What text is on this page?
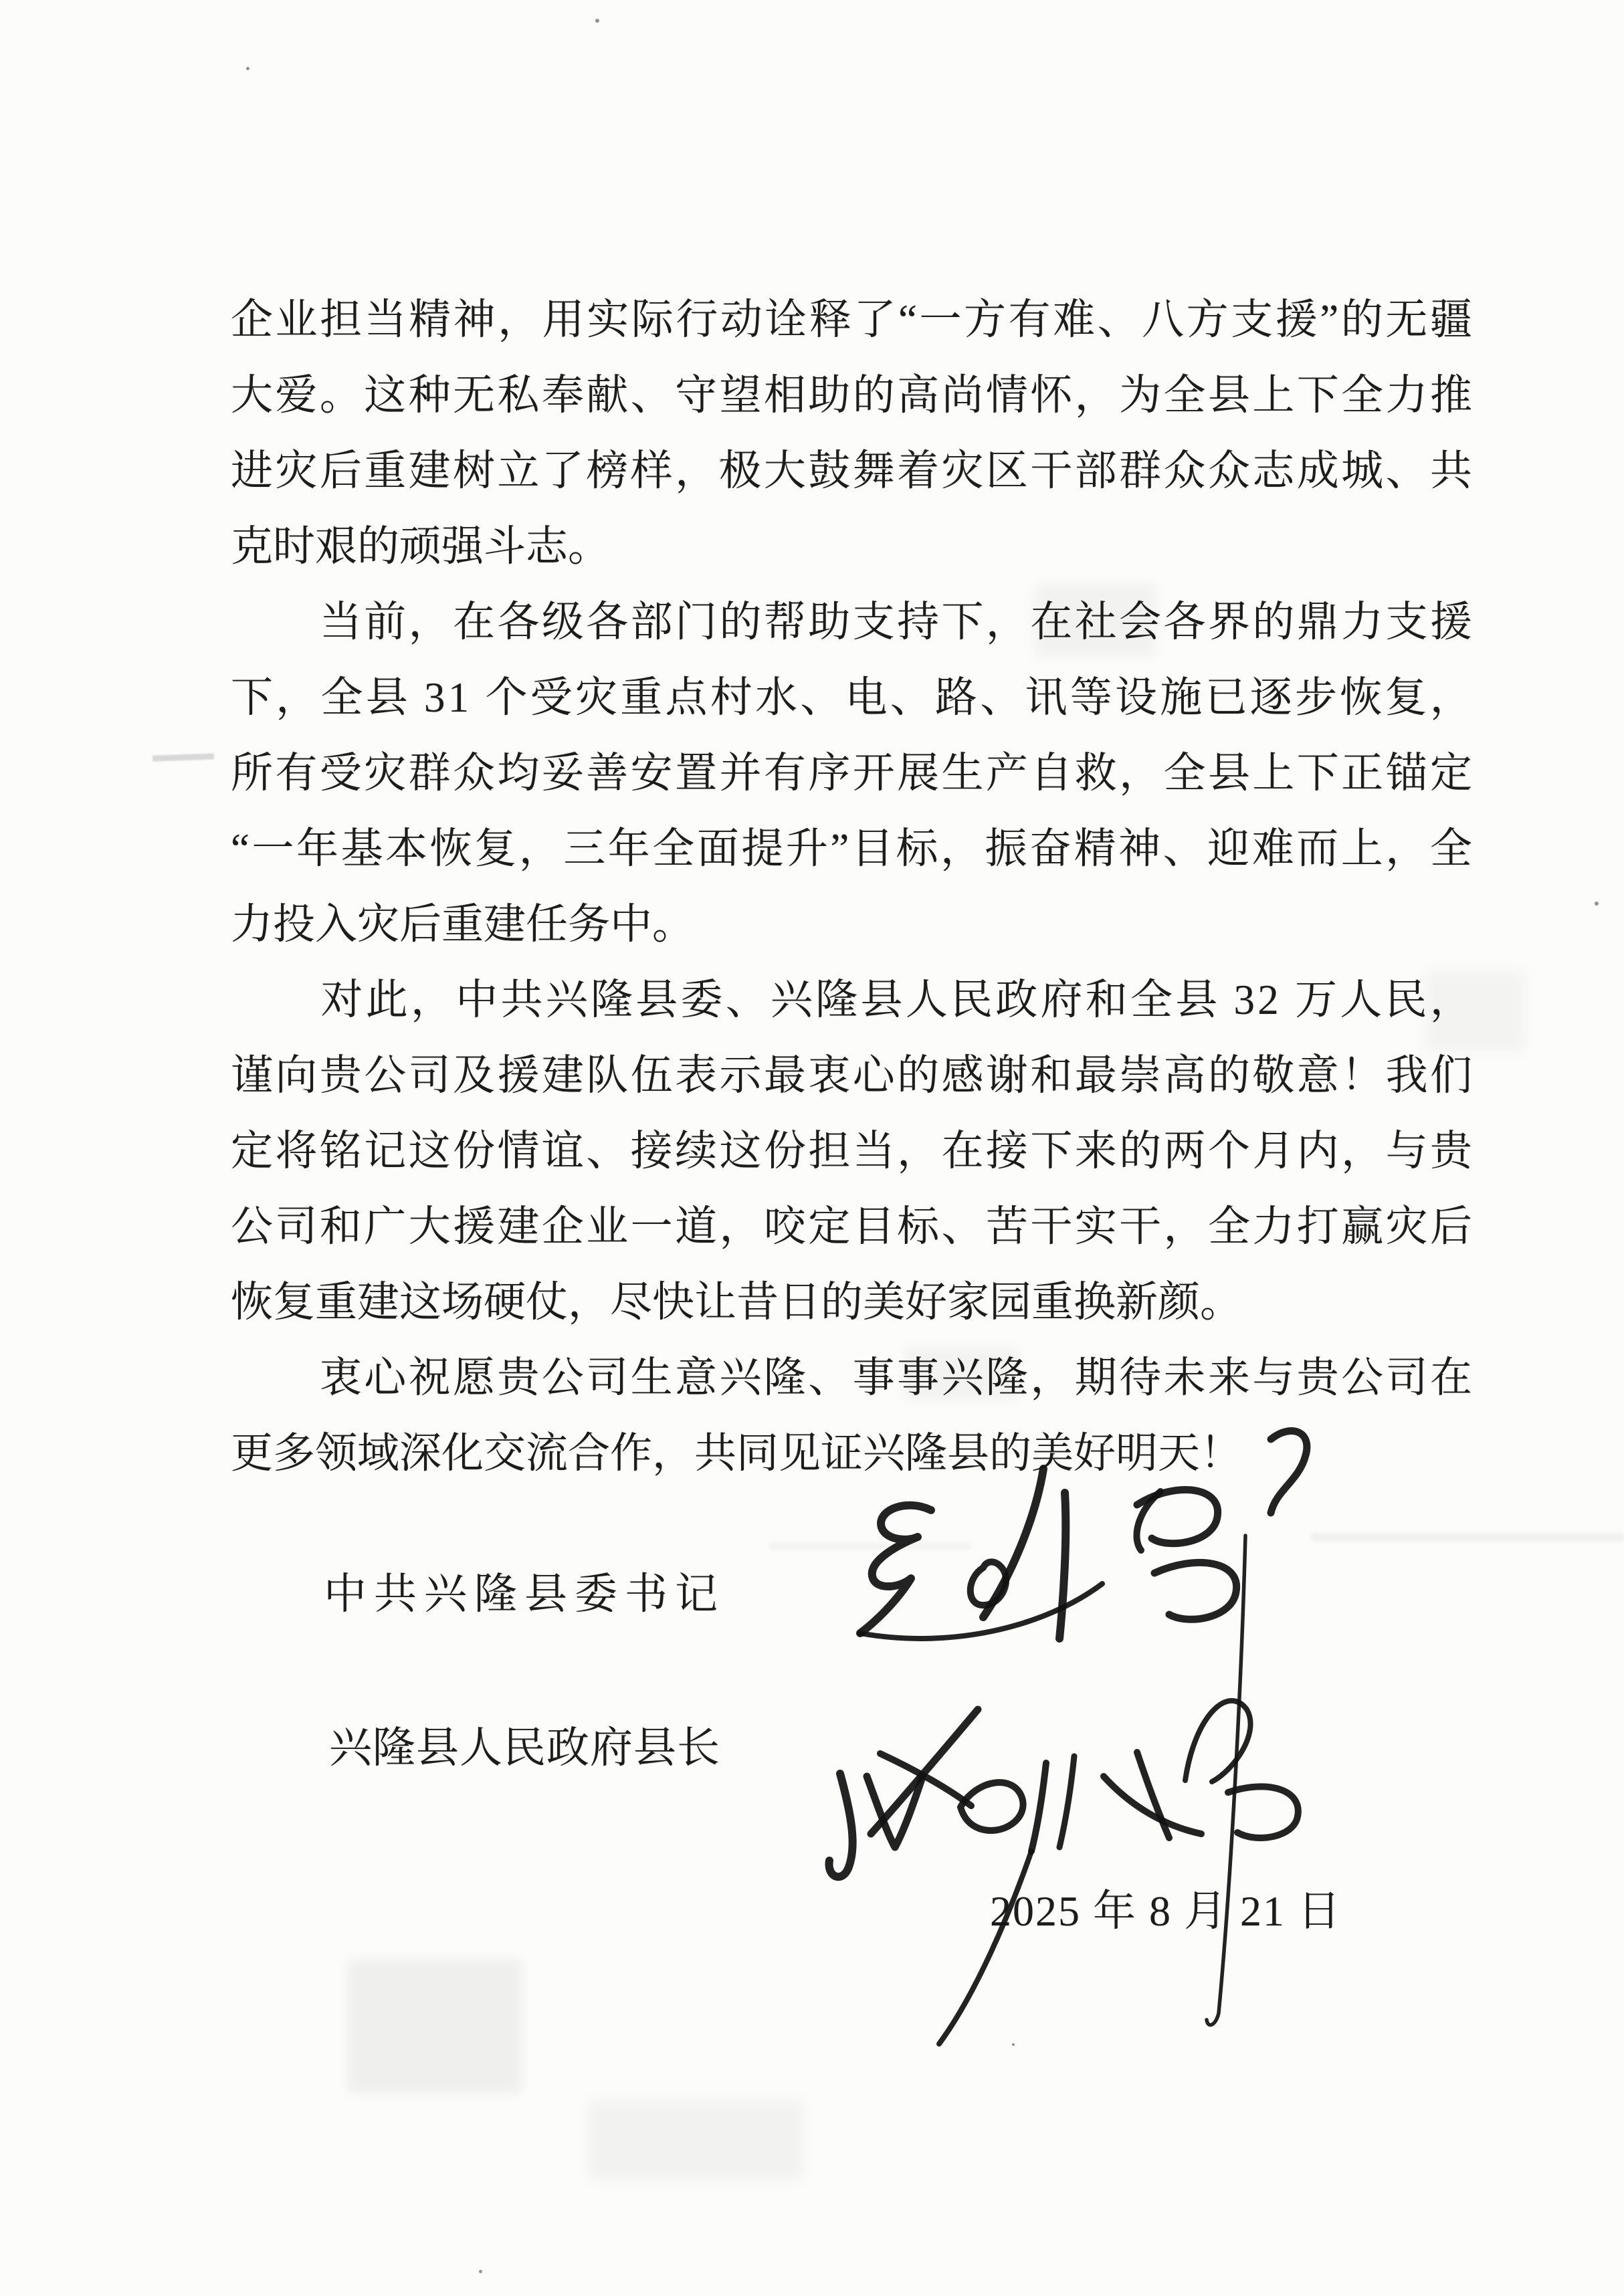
企 业 担 当 精 神 ， 用 实 际 行 动 诠 释 了 “ 一 方 有 难 、 八 方 支 援 ” 的 无 疆
大 爱 。 这 种 无 私 奉 献 、 守 望 相 助 的 高 尚 情 怀 ， 为 全 县 上 下 全 力 推
进 灾 后 重 建 树 立 了 榜 样 ， 极 大 鼓 舞 着 灾 区 干 部 群 众 众 志 成 城 、 共
克时艰的顽强斗志。

当 前 ， 在 各 级 各 部 门 的 帮 助 支 持 下 ， 在 社 会 各 界 的 鼎 力 支 援
下 ， 全 县
3 1
个 受 灾 重 点 村 水 、 电 、 路 、 讯 等 设 施 已 逐 步 恢 复 ，
所 有 受 灾 群 众 均 妥 善 安 置 并 有 序 开 展 生 产 自 救 ， 全 县 上 下 正 锚 定
“ 一 年 基 本 恢 复 ， 三 年 全 面 提 升 ” 目 标 ， 振 奋 精 神 、 迎 难 而 上 ， 全
力投入灾后重建任务中。

对 此 ， 中 共 兴 隆 县 委 、 兴 隆 县 人 民 政 府 和 全 县
3 2
万 人 民 ，
谨 向 贵 公 司 及 援 建 队 伍 表 示 最 衷 心 的 感 谢 和 最 崇 高 的 敬 意 ！ 我 们
定 将 铭 记 这 份 情 谊 、 接 续 这 份 担 当 ， 在 接 下 来 的 两 个 月 内 ， 与 贵
公 司 和 广 大 援 建 企 业 一 道 ， 咬 定 目 标 、 苦 干 实 干 ， 全 力 打 赢 灾 后
恢复重建这场硬仗，尽快让昔日的美好家园重换新颜。

衷 心 祝 愿 贵 公 司 生 意 兴 隆 、 事 事 兴 隆 ， 期 待 未 来 与 贵 公 司 在
更多领域深化交流合作，共同见证兴隆县的美好明天！
中共兴隆县委书记
兴隆县人民政府县长
2025 年 8 月 21 日
